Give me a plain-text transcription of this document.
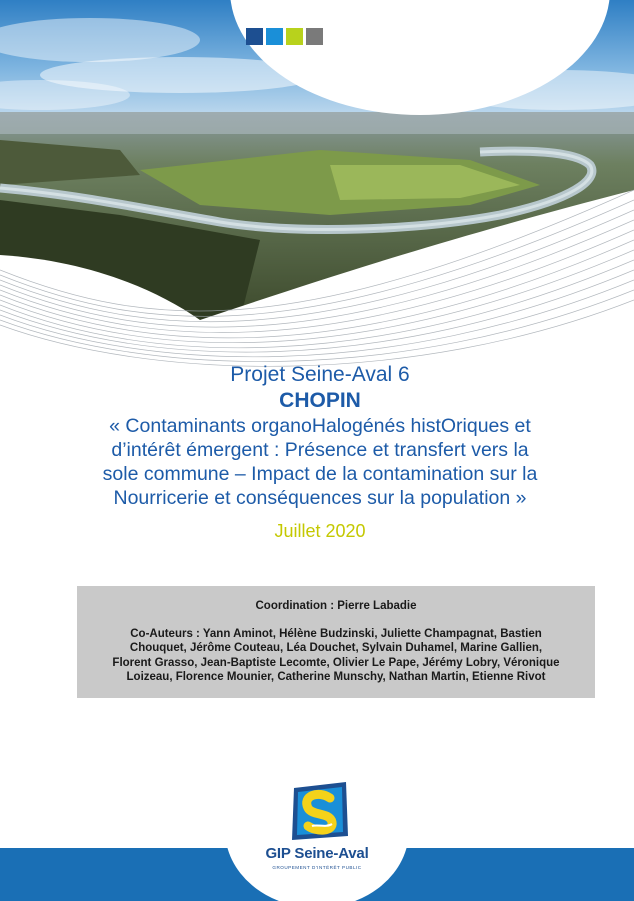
Projet Seine-Aval 6

CHOPIN

« Contaminants organoHalogénés histOriques et

d’intérêt émergent : Présence et transfert vers la

sole commune – Impact de la contamination sur la

Nourricerie et conséquences sur la population »

Juillet 2020
Coordination : Pierre Labadie
Co-Auteurs : Yann Aminot, Hélène Budzinski, Juliette Champagnat, Bastien
Chouquet, Jérôme Couteau, Léa Douchet, Sylvain Duhamel, Marine Gallien,
Florent Grasso, Jean-Baptiste Lecomte, Olivier Le Pape, Jérémy Lobry, Véronique
Loizeau, Florence Mounier, Catherine Munschy, Nathan Martin, Etienne Rivot
GIP Seine-Aval
GROUPEMENT D'INTÉRÊT PUBLIC
